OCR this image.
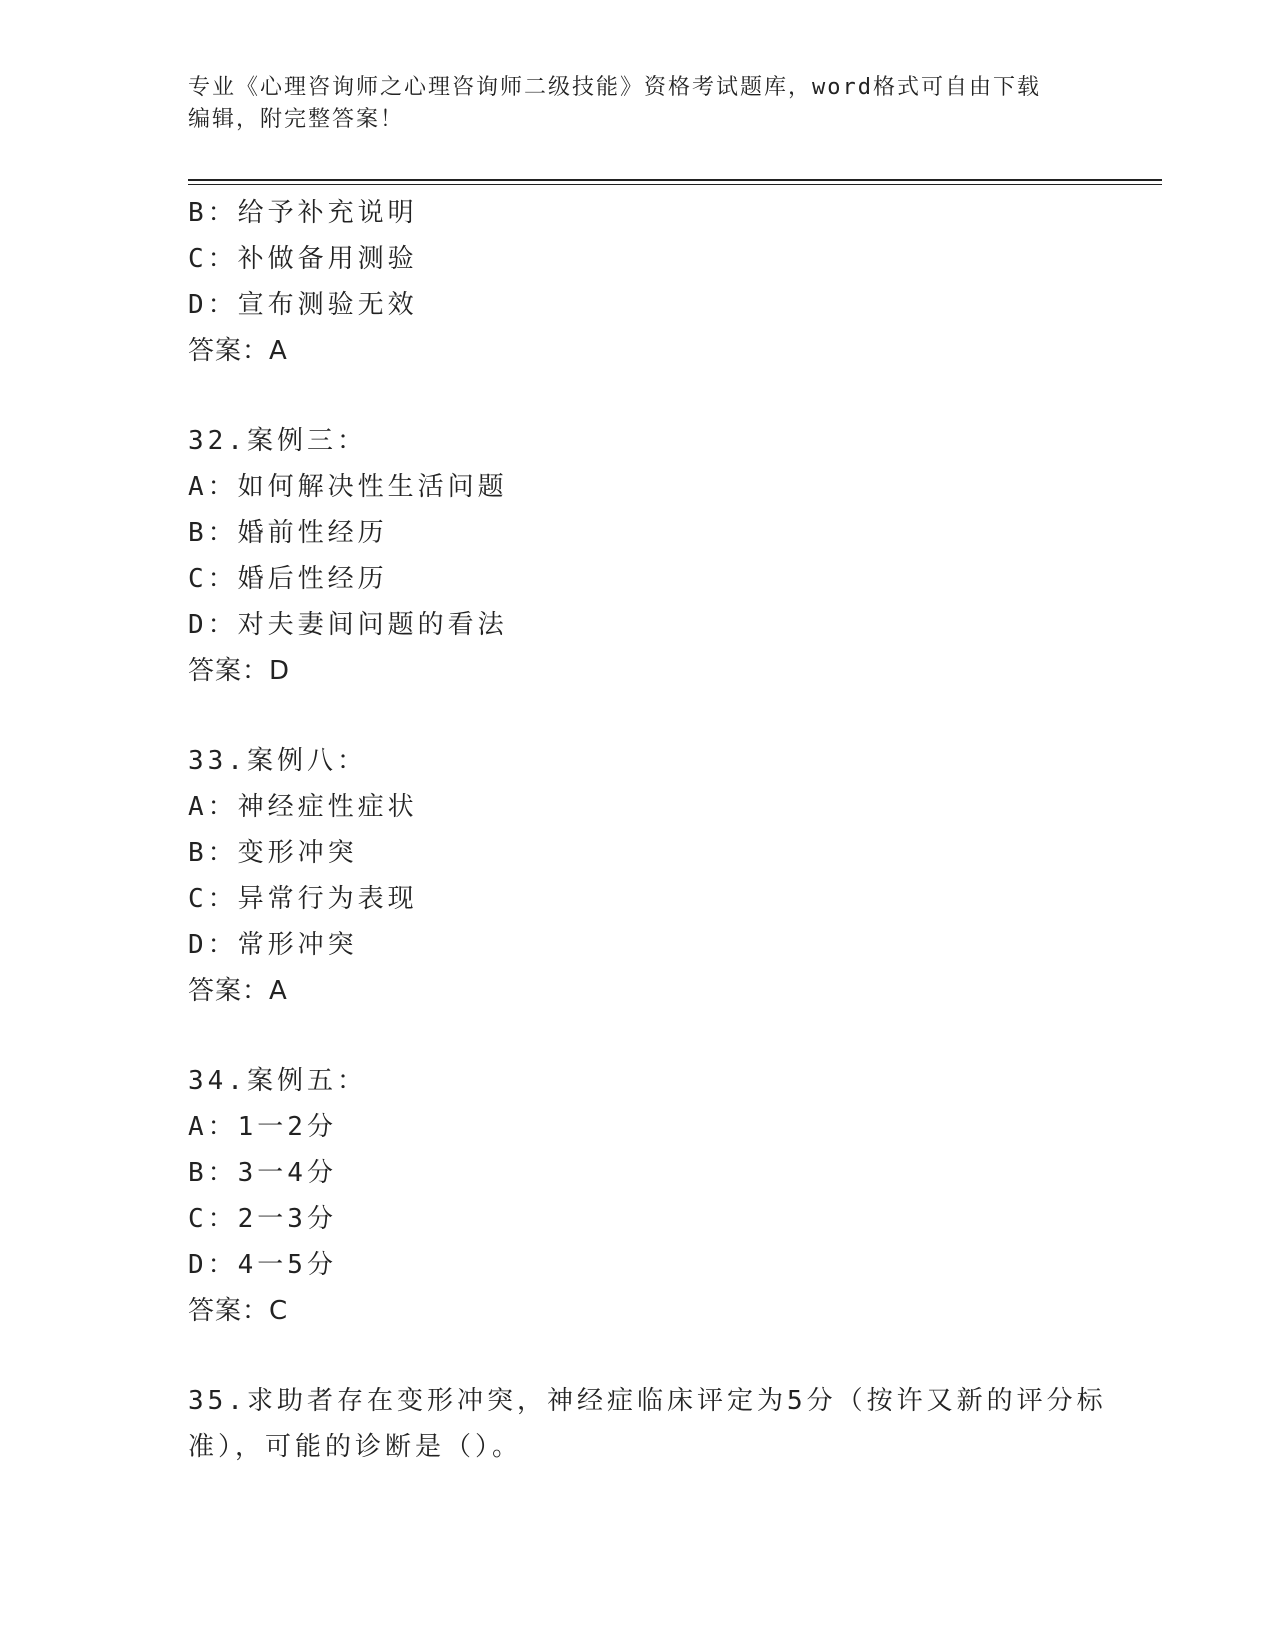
专业《心理咨询师之心理咨询师二级技能》资格考试题库，word格式可自由下载
编辑，附完整答案！
B：给予补充说明
C：补做备用测验
D：宣布测验无效
答案：A
32.案例三：
A：如何解决性生活问题
B：婚前性经历
C：婚后性经历
D：对夫妻间问题的看法
答案：D
33.案例八：
A：神经症性症状
B：变形冲突
C：异常行为表现
D：常形冲突
答案：A
34.案例五：
A：1一2分
B：3一4分
C：2一3分
D：4一5分
答案：C
35.求助者存在变形冲突，神经症临床评定为5分（按许又新的评分标
准），可能的诊断是（）。
